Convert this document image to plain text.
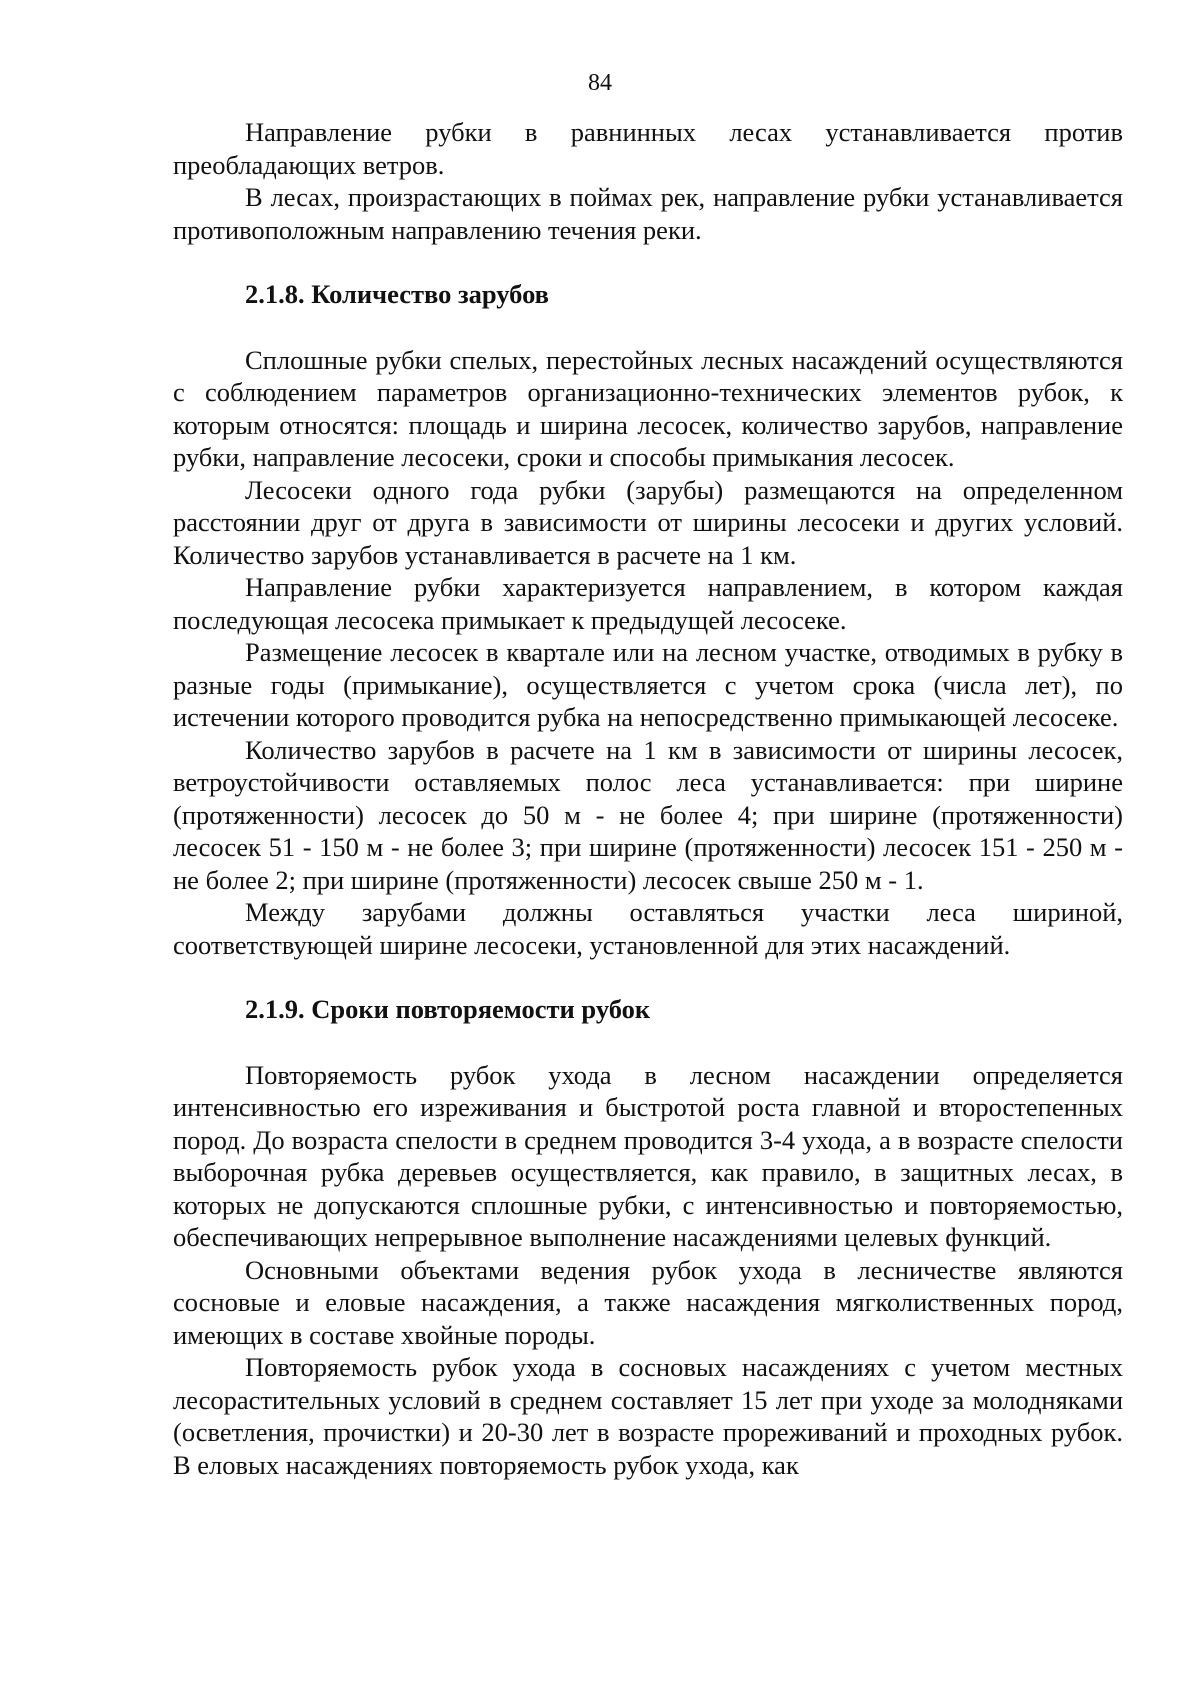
84

Направление рубки в равнинных лесах устанавливается против преобладающих ветров.

В лесах, произрастающих в поймах рек, направление рубки устанавливается противоположным направлению течения реки.

2.1.8. Количество зарубов

Сплошные рубки спелых, перестойных лесных насаждений осуществляются с соблюдением параметров организационно-технических элементов рубок, к которым относятся: площадь и ширина лесосек, количество зарубов, направление рубки, направление лесосеки, сроки и способы примыкания лесосек.

Лесосеки одного года рубки (зарубы) размещаются на определенном расстоянии друг от друга в зависимости от ширины лесосеки и других условий. Количество зарубов устанавливается в расчете на 1 км.

Направление рубки характеризуется направлением, в котором каждая последующая лесосека примыкает к предыдущей лесосеке.

Размещение лесосек в квартале или на лесном участке, отводимых в рубку в разные годы (примыкание), осуществляется с учетом срока (числа лет), по истечении которого проводится рубка на непосредственно примыкающей лесосеке.

Количество зарубов в расчете на 1 км в зависимости от ширины лесосек, ветроустойчивости оставляемых полос леса устанавливается: при ширине (протяженности) лесосек до 50 м - не более 4; при ширине (протяженности) лесосек 51 - 150 м - не более 3; при ширине (протяженности) лесосек 151 - 250 м - не более 2; при ширине (протяженности) лесосек свыше 250 м - 1.

Между зарубами должны оставляться участки леса шириной, соответствующей ширине лесосеки, установленной для этих насаждений.

2.1.9. Сроки повторяемости рубок

Повторяемость рубок ухода в лесном насаждении определяется интенсивностью его изреживания и быстротой роста главной и второстепенных пород. До возраста спелости в среднем проводится 3-4 ухода, а в возрасте спелости выборочная рубка деревьев осуществляется, как правило, в защитных лесах, в которых не допускаются сплошные рубки, с интенсивностью и повторяемостью, обеспечивающих непрерывное выполнение насаждениями целевых функций.

Основными объектами ведения рубок ухода в лесничестве являются сосновые и еловые насаждения, а также насаждения мягколиственных пород, имеющих в составе хвойные породы.

Повторяемость рубок ухода в сосновых насаждениях с учетом местных лесорастительных условий в среднем составляет 15 лет при уходе за молодняками (осветления, прочистки) и 20-30 лет в возрасте прореживаний и проходных рубок. В еловых насаждениях повторяемость рубок ухода, как
